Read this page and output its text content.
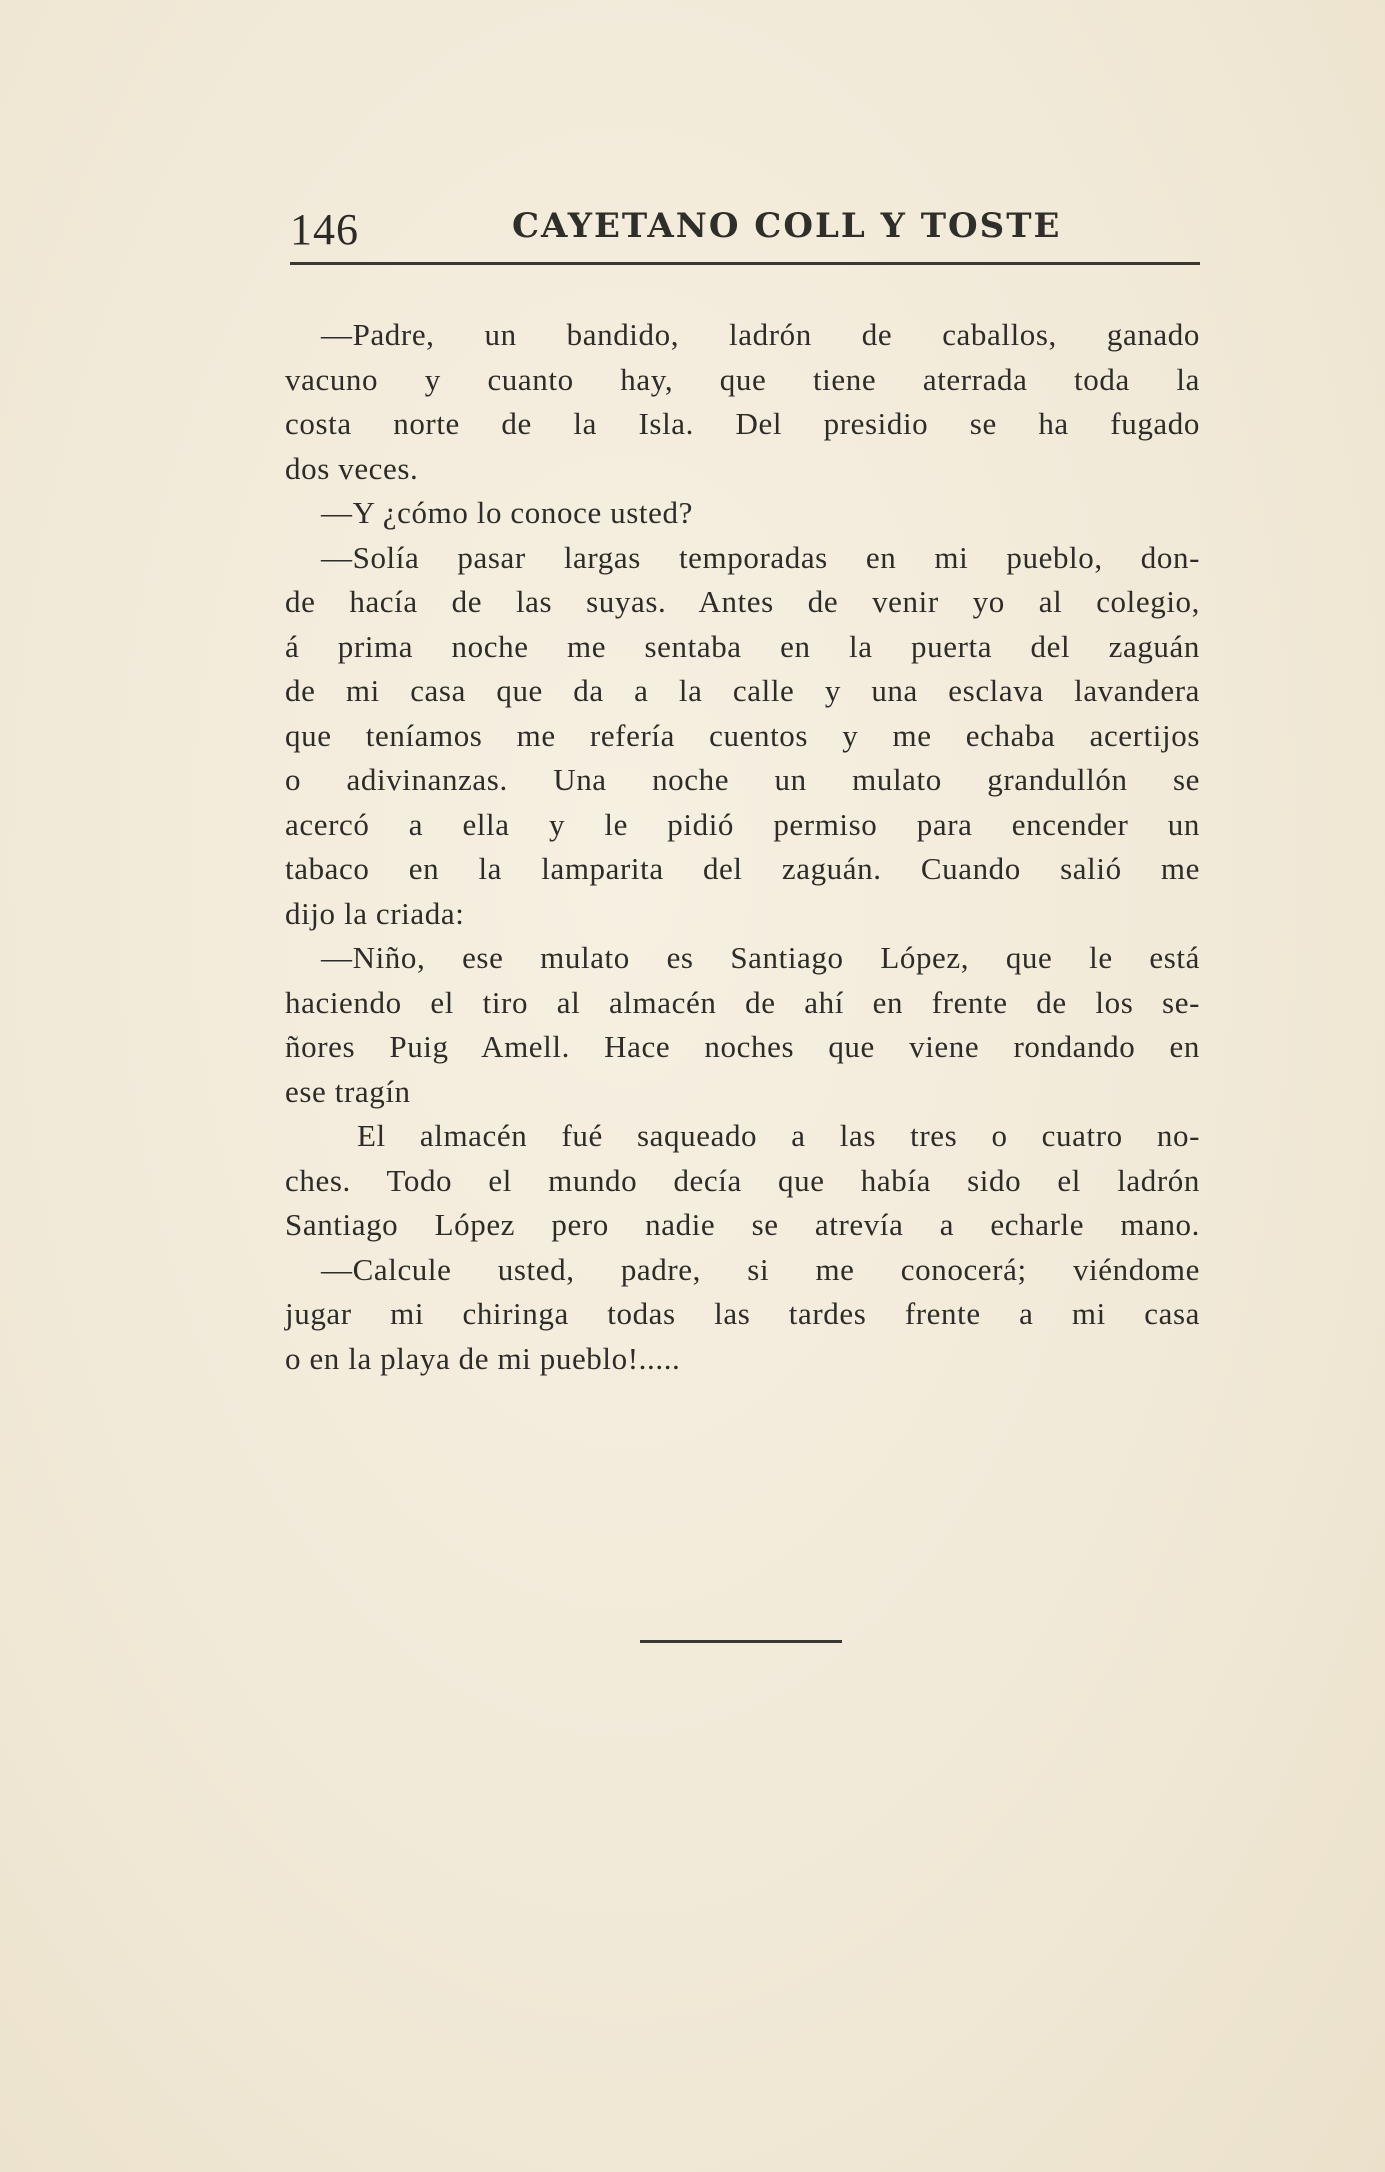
146	CAYETANO COLL Y TOSTE
—Padre, un bandido, ladrón de caballos, ganado
vacuno y cuanto hay, que tiene aterrada toda la
costa norte de la Isla. Del presidio se ha fugado
dos veces.
—Y ¿cómo lo conoce usted?
—Solía pasar largas temporadas en mi pueblo, don-
de hacía de las suyas. Antes de venir yo al colegio,
á prima noche me sentaba en la puerta del zaguán
de mi casa que da a la calle y una esclava lavandera
que teníamos me refería cuentos y me echaba acertijos
o adivinanzas. Una noche un mulato grandullón se
acercó a ella y le pidió permiso para encender un
tabaco en la lamparita del zaguán. Cuando salió me
dijo la criada:
—Niño, ese mulato es Santiago López, que le está
haciendo el tiro al almacén de ahí en frente de los se-
ñores Puig Amell. Hace noches que viene rondando en
ese tragín
El almacén fué saqueado a las tres o cuatro no-
ches. Todo el mundo decía que había sido el ladrón
Santiago López pero nadie se atrevía a echarle mano.
—Calcule usted, padre, si me conocerá; viéndome
jugar mi chiringa todas las tardes frente a mi casa
o en la playa de mi pueblo!.....
